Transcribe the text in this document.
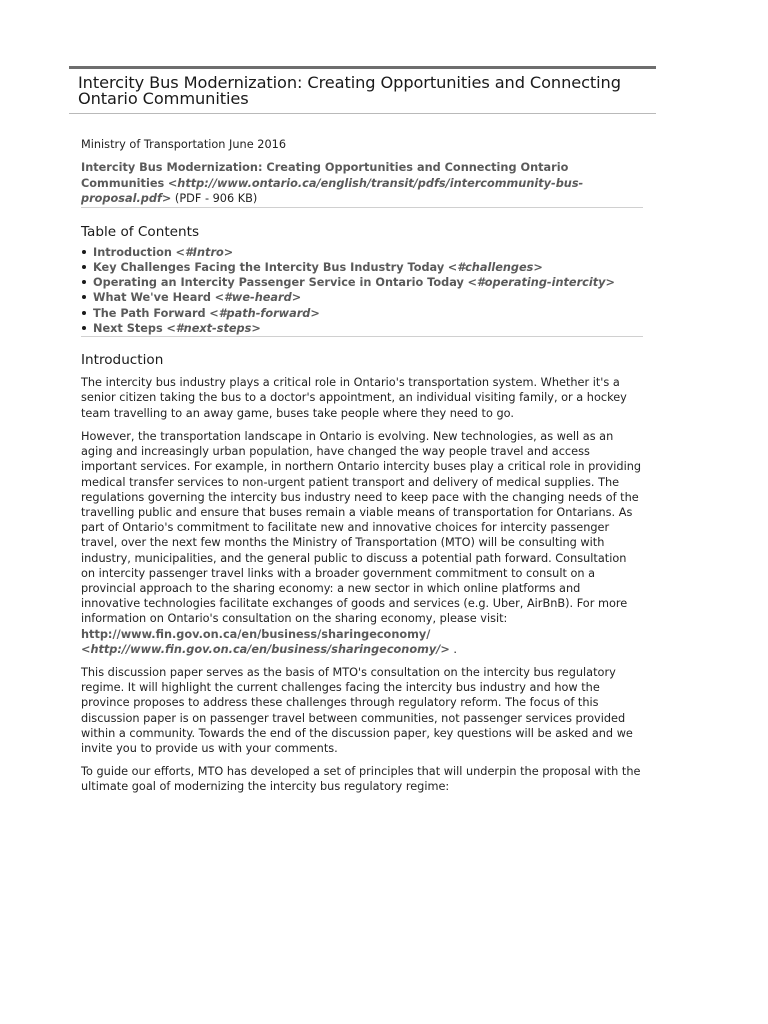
Intercity Bus Modernization: Creating Opportunities and Connecting Ontario Communities

Ministry of Transportation June 2016

Intercity Bus Modernization: Creating Opportunities and Connecting Ontario Communities <http://www.ontario.ca/english/transit/pdfs/intercommunity-bus-proposal.pdf> (PDF - 906 KB)

Table of Contents
Introduction <#Intro>
Key Challenges Facing the Intercity Bus Industry Today <#challenges>
Operating an Intercity Passenger Service in Ontario Today <#operating-intercity>
What We've Heard <#we-heard>
The Path Forward <#path-forward>
Next Steps <#next-steps>
Introduction

The intercity bus industry plays a critical role in Ontario's transportation system. Whether it's a senior citizen taking the bus to a doctor's appointment, an individual visiting family, or a hockey team travelling to an away game, buses take people where they need to go.

However, the transportation landscape in Ontario is evolving. New technologies, as well as an aging and increasingly urban population, have changed the way people travel and access important services. For example, in northern Ontario intercity buses play a critical role in providing medical transfer services to non-urgent patient transport and delivery of medical supplies. The regulations governing the intercity bus industry need to keep pace with the changing needs of the travelling public and ensure that buses remain a viable means of transportation for Ontarians. As part of Ontario's commitment to facilitate new and innovative choices for intercity passenger travel, over the next few months the Ministry of Transportation (MTO) will be consulting with industry, municipalities, and the general public to discuss a potential path forward. Consultation on intercity passenger travel links with a broader government commitment to consult on a provincial approach to the sharing economy: a new sector in which online platforms and innovative technologies facilitate exchanges of goods and services (e.g. Uber, AirBnB). For more information on Ontario's consultation on the sharing economy, please visit: http://www.fin.gov.on.ca/en/business/sharingeconomy/
<http://www.fin.gov.on.ca/en/business/sharingeconomy/> .

This discussion paper serves as the basis of MTO's consultation on the intercity bus regulatory regime. It will highlight the current challenges facing the intercity bus industry and how the province proposes to address these challenges through regulatory reform. The focus of this discussion paper is on passenger travel between communities, not passenger services provided within a community. Towards the end of the discussion paper, key questions will be asked and we invite you to provide us with your comments.

To guide our efforts, MTO has developed a set of principles that will underpin the proposal with the ultimate goal of modernizing the intercity bus regulatory regime:
